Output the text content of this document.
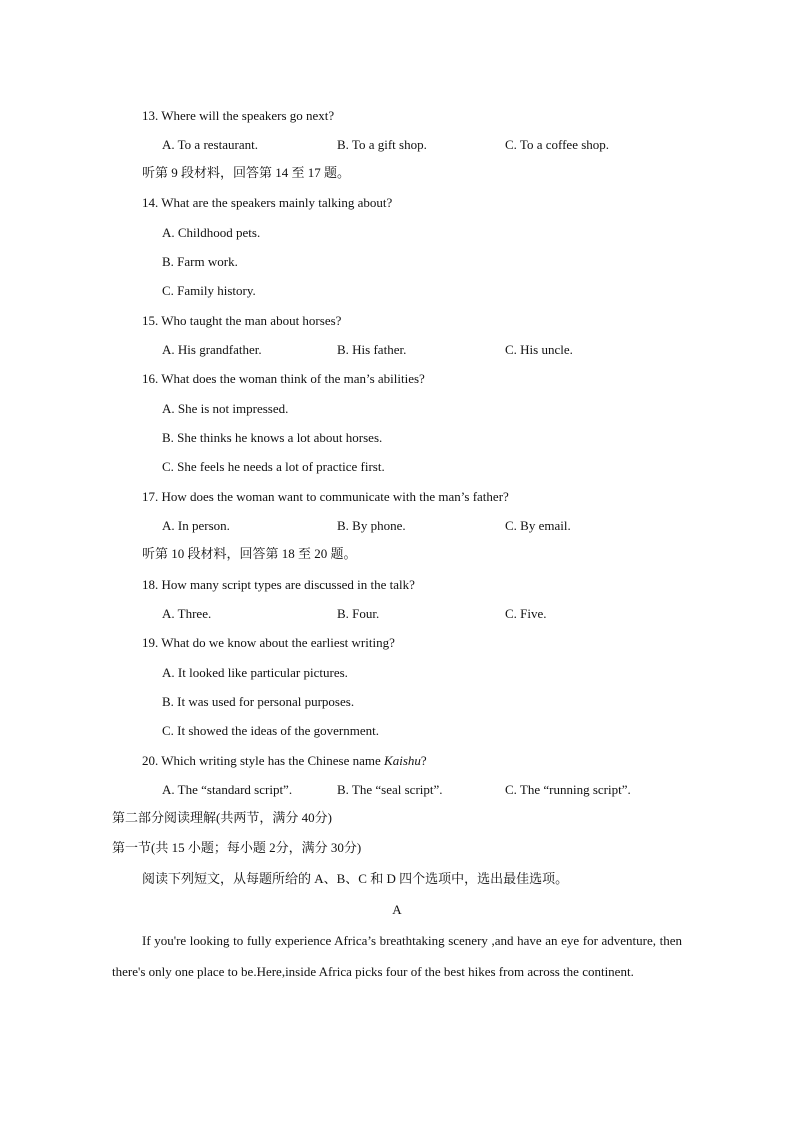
13. Where will the speakers go next?
A. To a restaurant.	B. To a gift shop.	C. To a coffee shop.
听第 9 段材料，回答第 14 至 17 题。
14. What are the speakers mainly talking about?
A. Childhood pets.
B. Farm work.
C. Family history.
15. Who taught the man about horses?
A. His grandfather.	B. His father.	C. His uncle.
16. What does the woman think of the man’s abilities?
A. She is not impressed.
B. She thinks he knows a lot about horses.
C. She feels he needs a lot of practice first.
17. How does the woman want to communicate with the man’s father?
A. In person.	B. By phone.	C. By email.
听第 10 段材料，回答第 18 至 20 题。
18. How many script types are discussed in the talk?
A. Three.	B. Four.	C. Five.
19. What do we know about the earliest writing?
A. It looked like particular pictures.
B. It was used for personal purposes.
C. It showed the ideas of the government.
20. Which writing style has the Chinese name Kaishu?
A. The “standard script”.	B. The “seal script”.	C. The “running script”.
第二部分阅读理解(共两节，满分 40分)
第一节(共 15 小题；每小题 2分，满分 30分)
阅读下列短文，从每题所给的 A、B、C 和 D 四个选项中，选出最佳选项。
A
If you're looking to fully experience Africa’s breathtaking scenery ,and have an eye for adventure, then there's only one place to be.Here,inside Africa picks four of the best hikes from across the continent.
